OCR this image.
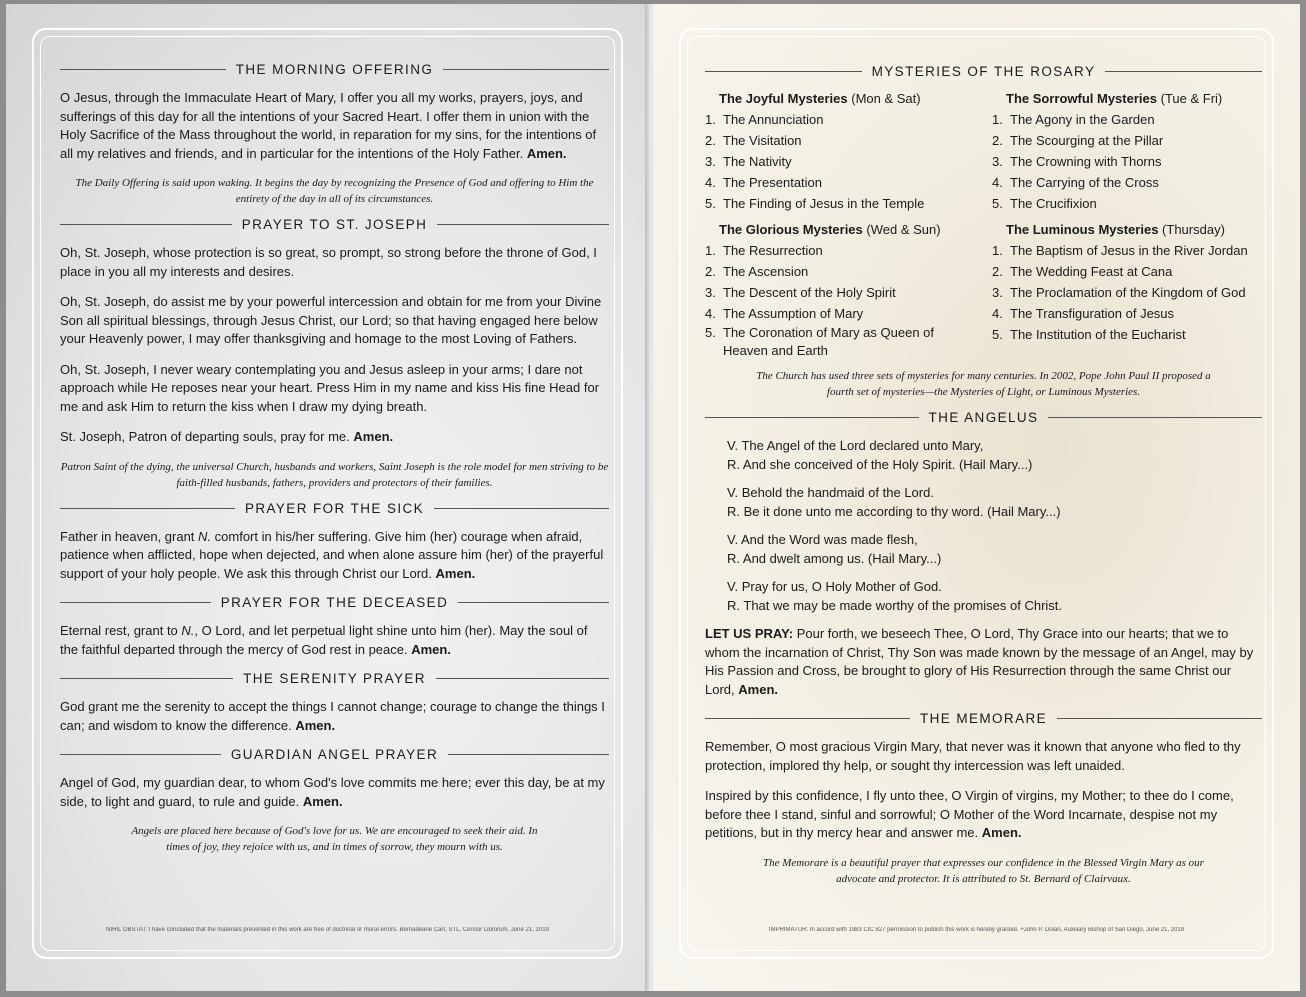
THE MORNING OFFERING

O Jesus, through the Immaculate Heart of Mary, I offer you all my works, prayers, joys, and sufferings of this day for all the intentions of your Sacred Heart. I offer them in union with the Holy Sacrifice of the Mass throughout the world, in reparation for my sins, for the intentions of all my relatives and friends, and in particular for the intentions of the Holy Father. Amen.

The Daily Offering is said upon waking. It begins the day by recognizing the Presence of God and offering to Him the entirety of the day in all of its circumstances.

PRAYER TO ST. JOSEPH

Oh, St. Joseph, whose protection is so great, so prompt, so strong before the throne of God, I place in you all my interests and desires.

Oh, St. Joseph, do assist me by your powerful intercession and obtain for me from your Divine Son all spiritual blessings, through Jesus Christ, our Lord; so that having engaged here below your Heavenly power, I may offer thanksgiving and homage to the most Loving of Fathers.

Oh, St. Joseph, I never weary contemplating you and Jesus asleep in your arms; I dare not approach while He reposes near your heart. Press Him in my name and kiss His fine Head for me and ask Him to return the kiss when I draw my dying breath.

St. Joseph, Patron of departing souls, pray for me. Amen.

Patron Saint of the dying, the universal Church, husbands and workers, Saint Joseph is the role model for men striving to be faith-filled husbands, fathers, providers and protectors of their families.

PRAYER FOR THE SICK

Father in heaven, grant N. comfort in his/her suffering. Give him (her) courage when afraid, patience when afflicted, hope when dejected, and when alone assure him (her) of the prayerful support of your holy people. We ask this through Christ our Lord. Amen.

PRAYER FOR THE DECEASED

Eternal rest, grant to N., O Lord, and let perpetual light shine unto him (her). May the soul of the faithful departed through the mercy of God rest in peace. Amen.

THE SERENITY PRAYER

God grant me the serenity to accept the things I cannot change; courage to change the things I can; and wisdom to know the difference. Amen.

GUARDIAN ANGEL PRAYER

Angel of God, my guardian dear, to whom God's love commits me here; ever this day, be at my side, to light and guard, to rule and guide. Amen.

Angels are placed here because of God's love for us. We are encouraged to seek their aid. In times of joy, they rejoice with us, and in times of sorrow, they mourn with us.

NIHIL OBSTAT: I have concluded that the materials presented in this work are free of doctrinal or moral errors. Bernadeane Carr, STL, Censor Librorum, June 21, 2019
MYSTERIES OF THE ROSARY
The Joyful Mysteries (Mon & Sat)
1. The Annunciation
2. The Visitation
3. The Nativity
4. The Presentation
5. The Finding of Jesus in the Temple
The Glorious Mysteries (Wed & Sun)
1. The Resurrection
2. The Ascension
3. The Descent of the Holy Spirit
4. The Assumption of Mary
5. The Coronation of Mary as Queen of Heaven and Earth
The Sorrowful Mysteries (Tue & Fri)
1. The Agony in the Garden
2. The Scourging at the Pillar
3. The Crowning with Thorns
4. The Carrying of the Cross
5. The Crucifixion
The Luminous Mysteries (Thursday)
1. The Baptism of Jesus in the River Jordan
2. The Wedding Feast at Cana
3. The Proclamation of the Kingdom of God
4. The Transfiguration of Jesus
5. The Institution of the Eucharist

The Church has used three sets of mysteries for many centuries. In 2002, Pope John Paul II proposed a fourth set of mysteries—the Mysteries of Light, or Luminous Mysteries.

THE ANGELUS
V. The Angel of the Lord declared unto Mary,
R. And she conceived of the Holy Spirit. (Hail Mary...)
V. Behold the handmaid of the Lord.
R. Be it done unto me according to thy word. (Hail Mary...)
V. And the Word was made flesh,
R. And dwelt among us. (Hail Mary...)
V. Pray for us, O Holy Mother of God.
R. That we may be made worthy of the promises of Christ.

LET US PRAY: Pour forth, we beseech Thee, O Lord, Thy Grace into our hearts; that we to whom the incarnation of Christ, Thy Son was made known by the message of an Angel, may by His Passion and Cross, be brought to glory of His Resurrection through the same Christ our Lord, Amen.

THE MEMORARE

Remember, O most gracious Virgin Mary, that never was it known that anyone who fled to thy protection, implored thy help, or sought thy intercession was left unaided.

Inspired by this confidence, I fly unto thee, O Virgin of virgins, my Mother; to thee do I come, before thee I stand, sinful and sorrowful; O Mother of the Word Incarnate, despise not my petitions, but in thy mercy hear and answer me. Amen.

The Memorare is a beautiful prayer that expresses our confidence in the Blessed Virgin Mary as our advocate and protector. It is attributed to St. Bernard of Clairvaux.

IMPRIMATUR: In accord with 1983 CIC 827 permission to publish this work is hereby granted. +John P. Dolan, Auxiliary Bishop of San Diego, June 21, 2019
